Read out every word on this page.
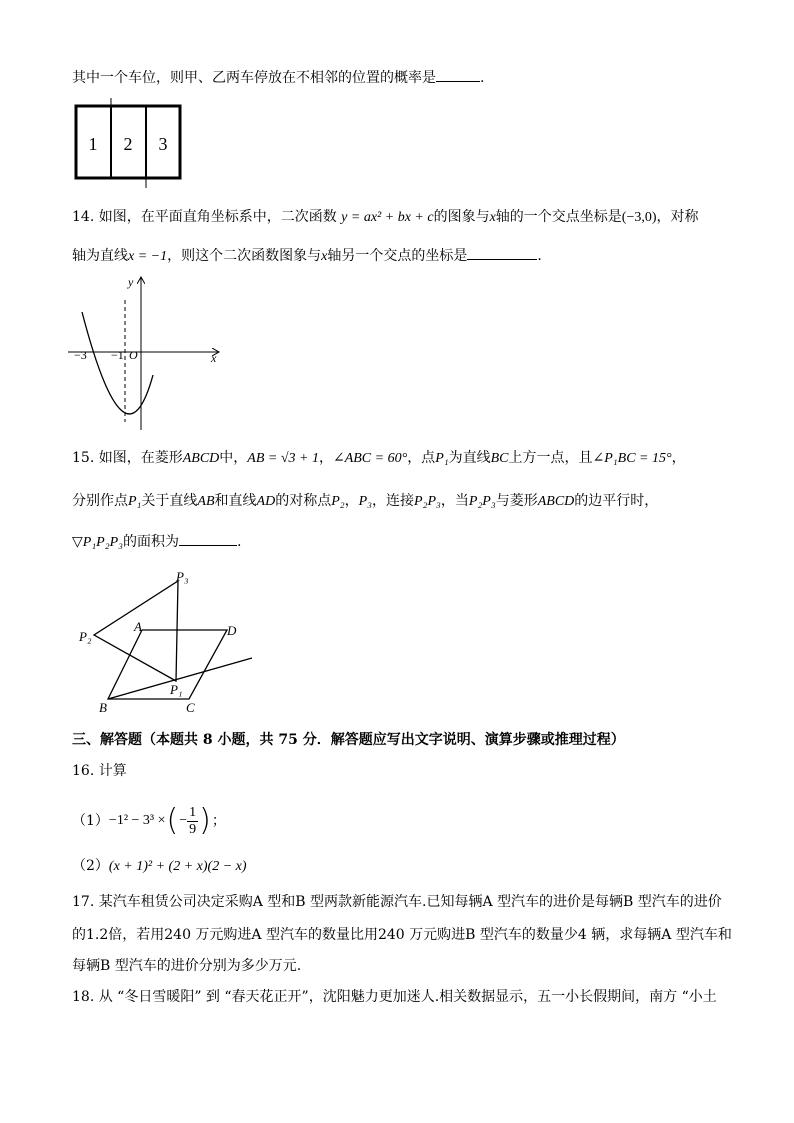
其中一个车位，则甲、乙两车停放在不相邻的位置的概率是	.
1 2 3
14. 如图，在平面直角坐标系中，二次函数 y = ax² + bx + c的图象与x轴的一个交点坐标是(−3,0)，对称
轴为直线x = −1，则这个二次函数图象与x轴另一个交点的坐标是	.
y
x
O
−3 −1
15. 如图，在菱形ABCD中，AB = √3 + 1，∠ABC = 60°，点P₁为直线BC上方一点，且∠P₁BC = 15°，
分别作点P₁关于直线AB和直线AD的对称点P₂，P₃，连接P₂P₃，当P₂P₃与菱形ABCD的边平行时，
▽P₁P₂P₃的面积为	.
P₃
P₂
A	D
P₁
B	C
三、解答题（本题共 8 小题，共 75 分．解答题应写出文字说明、演算步骤或推理过程）
16. 计算
（1） −1² − 3³ × ( − $\frac{1}{9}$ ) ；
（2）(x + 1)² + (2 + x)(2 − x)
17. 某汽车租赁公司决定采购A 型和B 型两款新能源汽车.已知每辆A 型汽车的进价是每辆B 型汽车的进价
的1.2倍，若用240 万元购进A 型汽车的数量比用240 万元购进B 型汽车的数量少4 辆，求每辆A 型汽车和
每辆B 型汽车的进价分别为多少万元.
18. 从 “冬日雪暖阳” 到 “春天花正开”，沈阳魅力更加迷人.相关数据显示，五一小长假期间，南方 “小土
